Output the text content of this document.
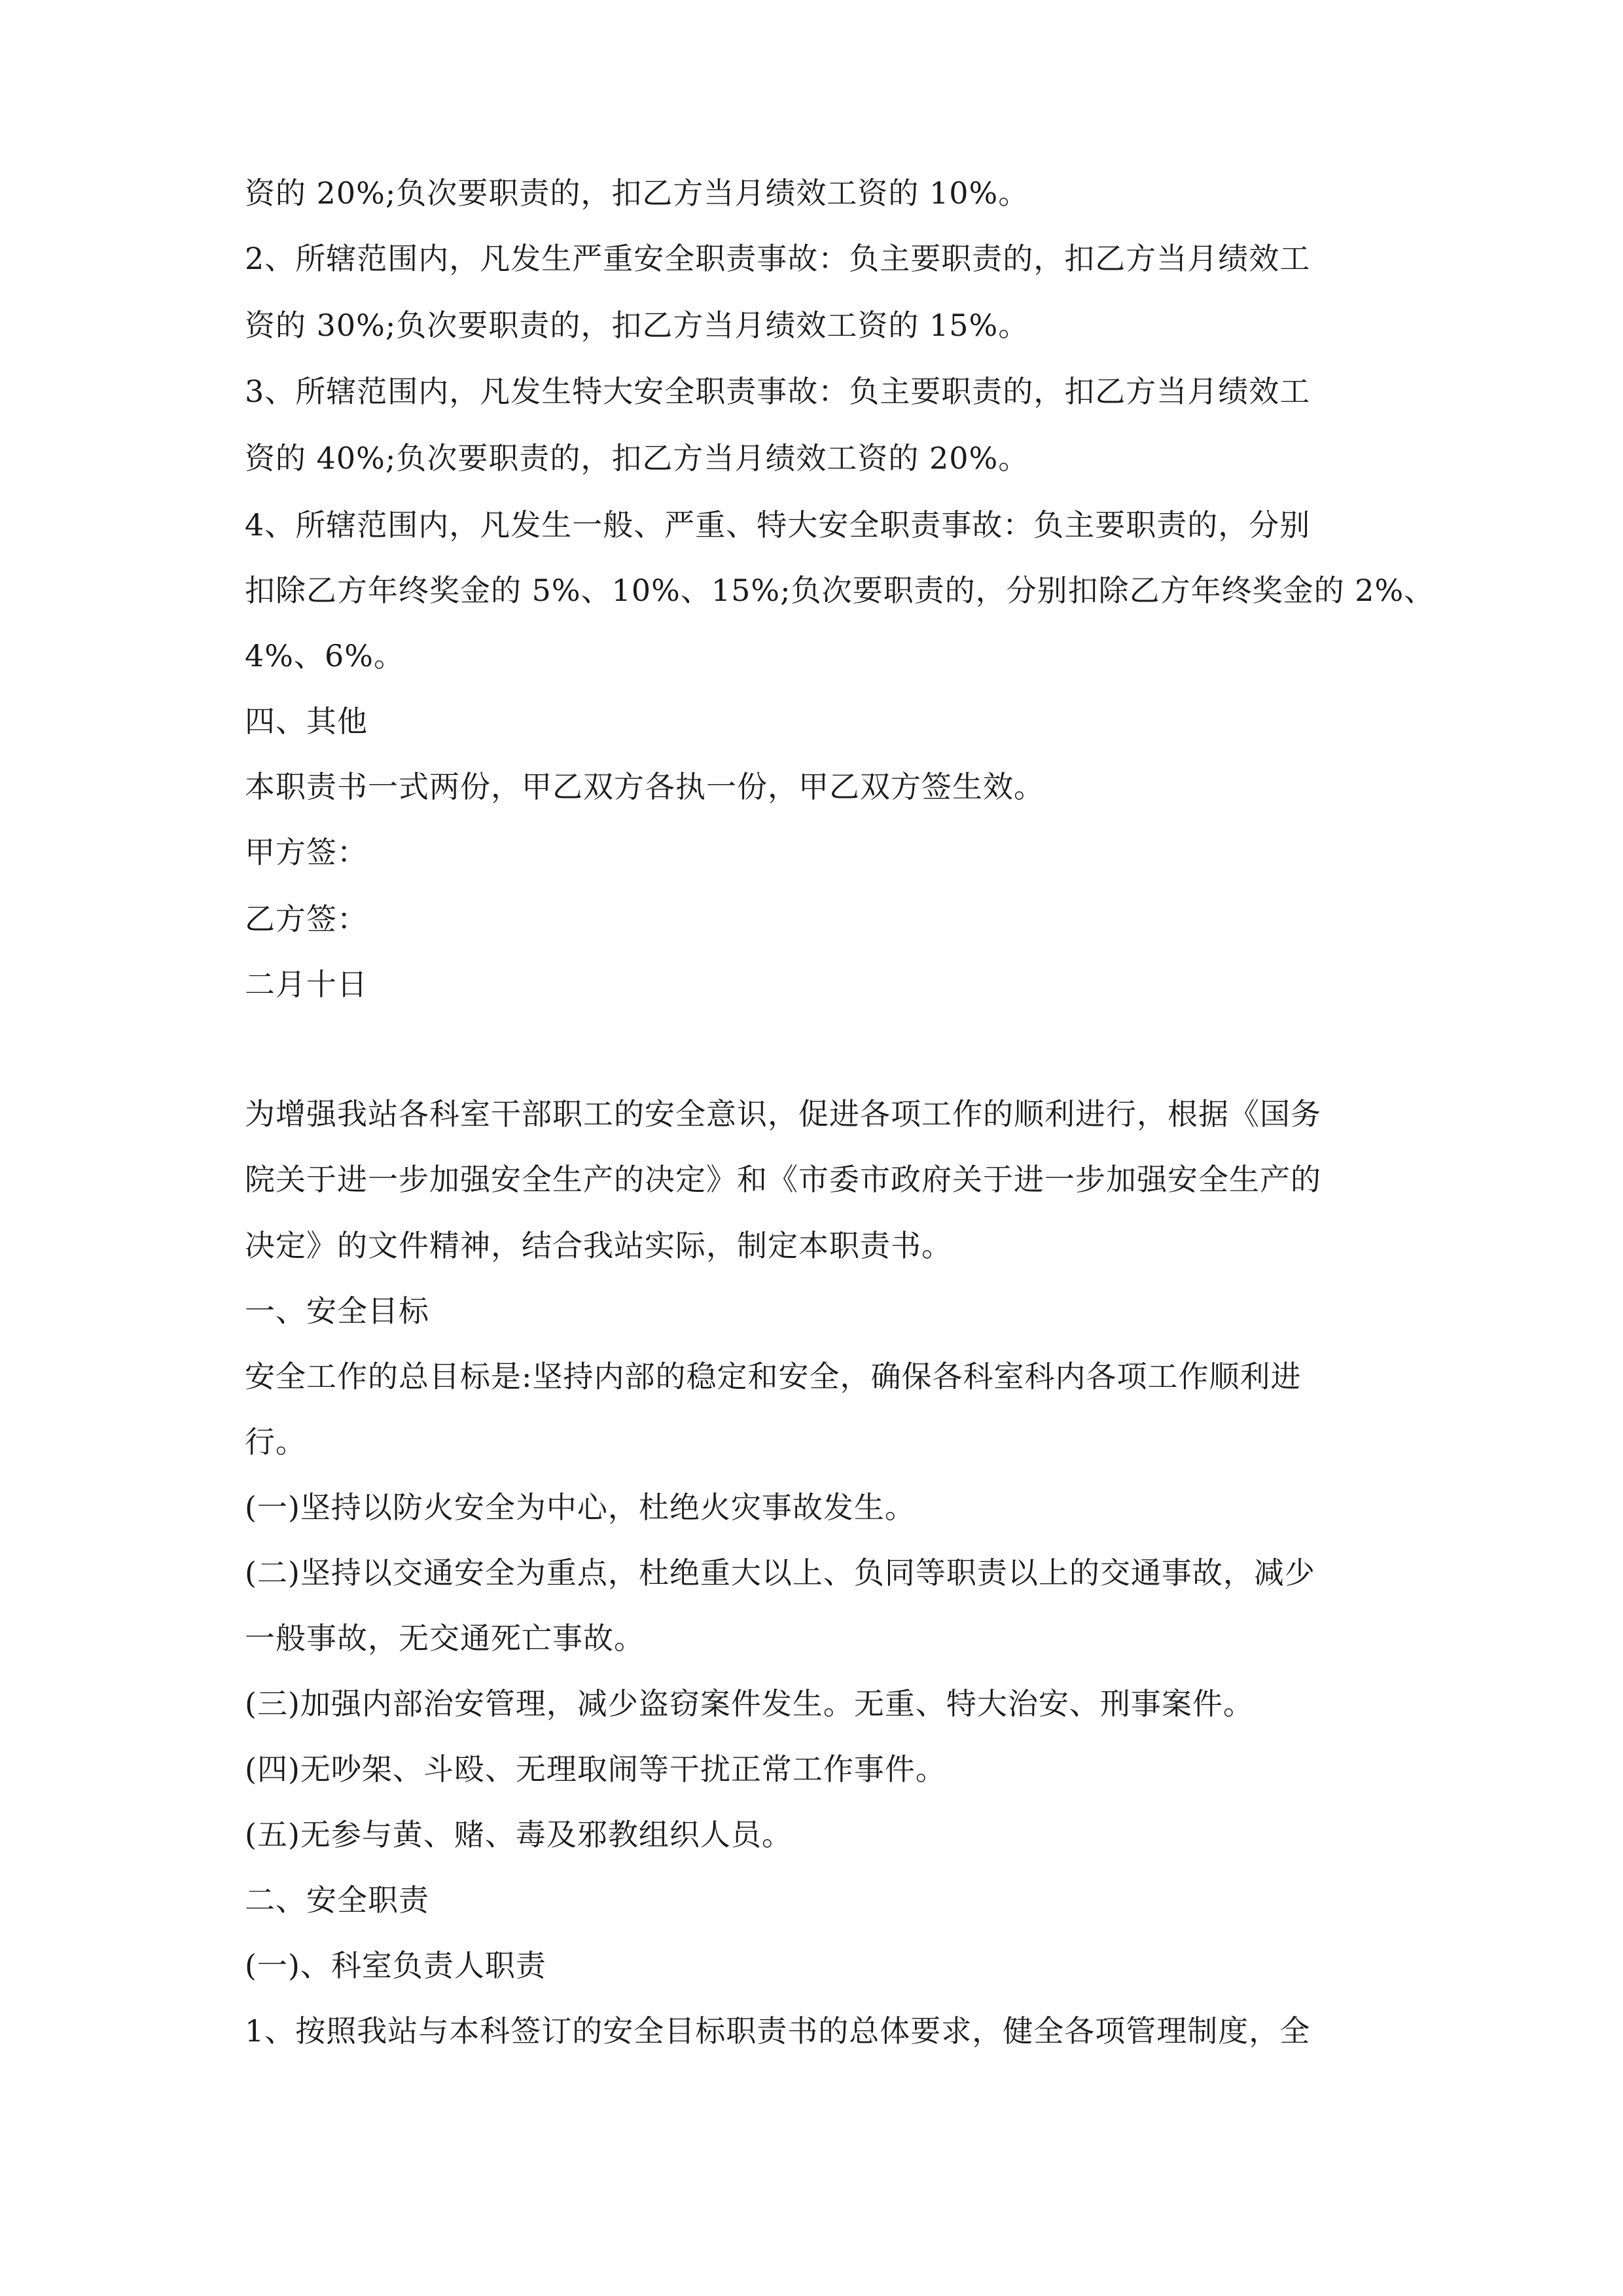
资的 20%;负次要职责的，扣乙方当月绩效工资的 10%。
2、所辖范围内，凡发生严重安全职责事故：负主要职责的，扣乙方当月绩效工
资的 30%;负次要职责的，扣乙方当月绩效工资的 15%。
3、所辖范围内，凡发生特大安全职责事故：负主要职责的，扣乙方当月绩效工
资的 40%;负次要职责的，扣乙方当月绩效工资的 20%。
4、所辖范围内，凡发生一般、严重、特大安全职责事故：负主要职责的，分别
扣除乙方年终奖金的 5%、10%、15%;负次要职责的，分别扣除乙方年终奖金的 2%、
4%、6%。
四、其他
本职责书一式两份，甲乙双方各执一份，甲乙双方签生效。
甲方签：
乙方签：
二月十日
为增强我站各科室干部职工的安全意识，促进各项工作的顺利进行，根据《国务
院关于进一步加强安全生产的决定》和《市委市政府关于进一步加强安全生产的
决定》的文件精神，结合我站实际，制定本职责书。
一、安全目标
安全工作的总目标是:坚持内部的稳定和安全，确保各科室科内各项工作顺利进
行。
(一)坚持以防火安全为中心，杜绝火灾事故发生。
(二)坚持以交通安全为重点，杜绝重大以上、负同等职责以上的交通事故，减少
一般事故，无交通死亡事故。
(三)加强内部治安管理，减少盗窃案件发生。无重、特大治安、刑事案件。
(四)无吵架、斗殴、无理取闹等干扰正常工作事件。
(五)无参与黄、赌、毒及邪教组织人员。
二、安全职责
(一)、科室负责人职责
1、按照我站与本科签订的安全目标职责书的总体要求，健全各项管理制度，全
